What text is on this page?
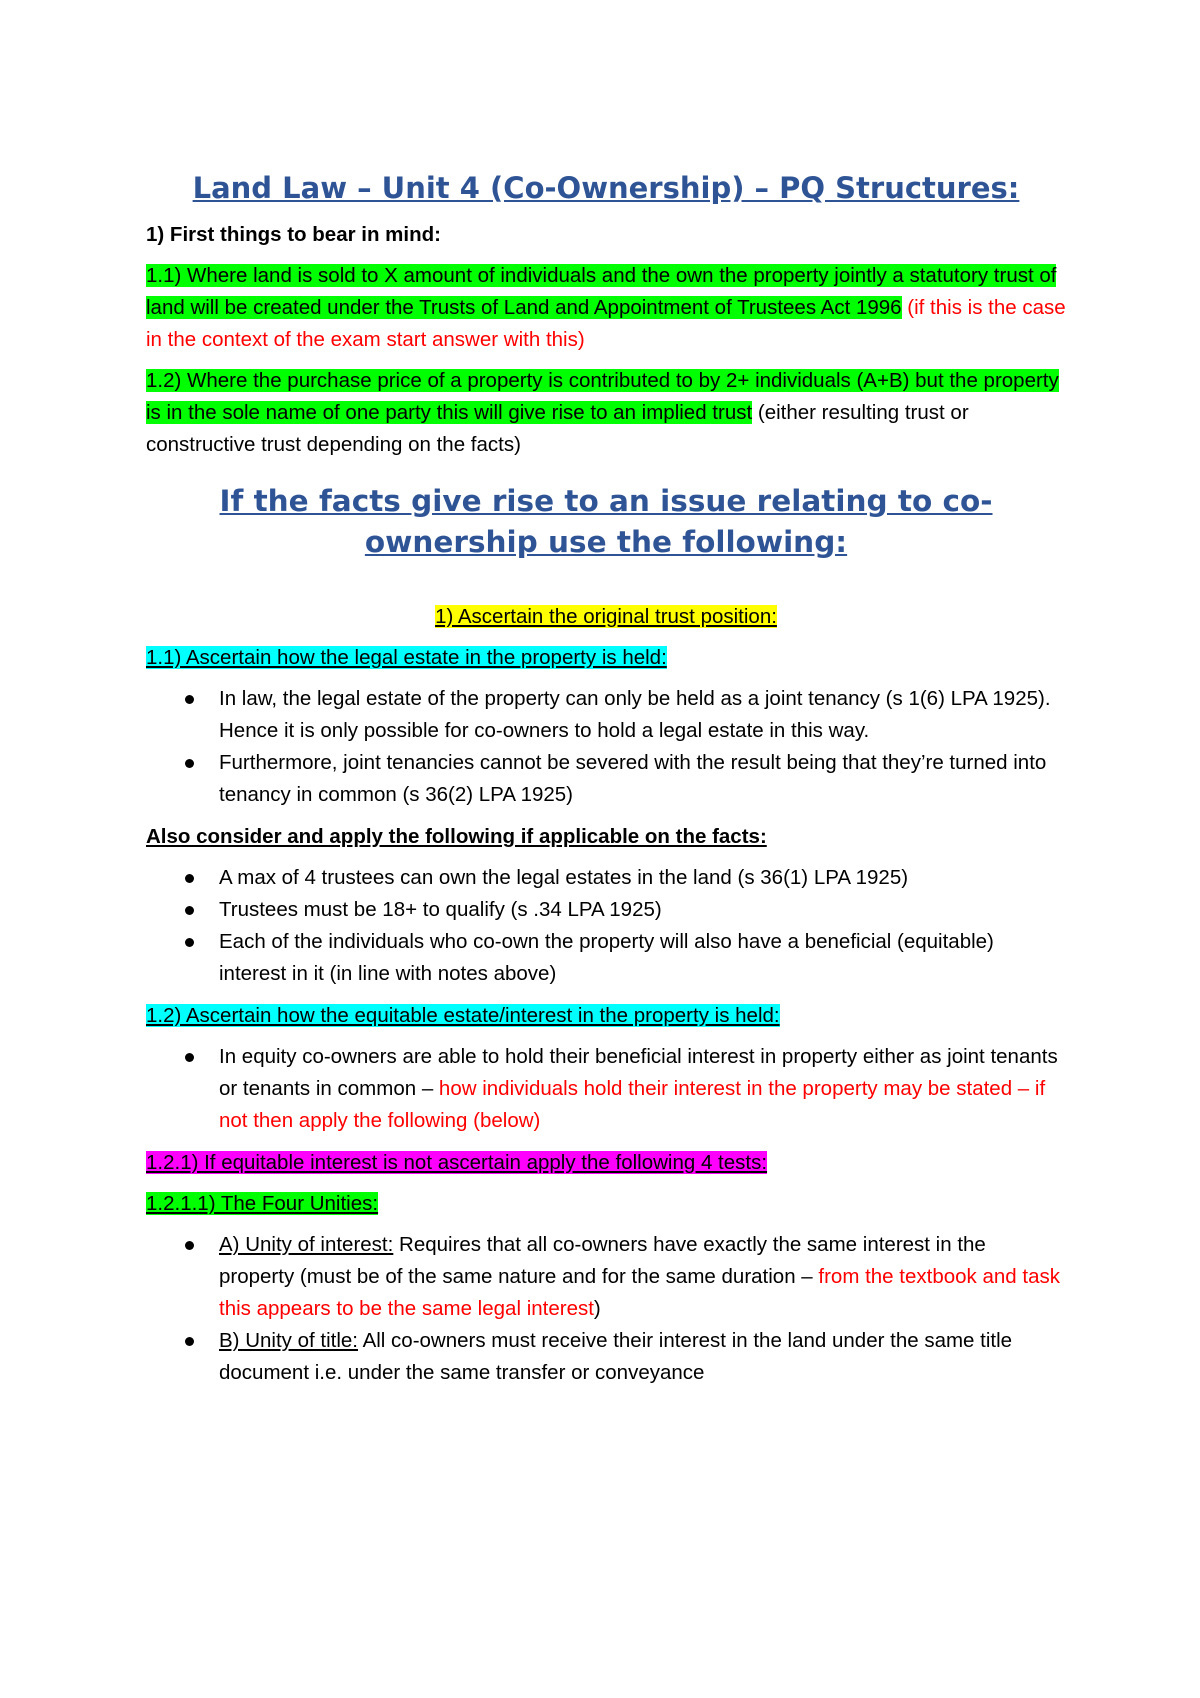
Land Law – Unit 4 (Co-Ownership) – PQ Structures:

1) First things to bear in mind:

1.1) Where land is sold to X amount of individuals and the own the property jointly a statutory trust of land will be created under the Trusts of Land and Appointment of Trustees Act 1996 (if this is the case in the context of the exam start answer with this)

1.2) Where the purchase price of a property is contributed to by 2+ individuals (A+B) but the property is in the sole name of one party this will give rise to an implied trust (either resulting trust or constructive trust depending on the facts)

If the facts give rise to an issue relating to co-ownership use the following:

1) Ascertain the original trust position:

1.1) Ascertain how the legal estate in the property is held:

In law, the legal estate of the property can only be held as a joint tenancy (s 1(6) LPA 1925). Hence it is only possible for co-owners to hold a legal estate in this way.
Furthermore, joint tenancies cannot be severed with the result being that they’re turned into tenancy in common (s 36(2) LPA 1925)

Also consider and apply the following if applicable on the facts:

A max of 4 trustees can own the legal estates in the land (s 36(1) LPA 1925)
Trustees must be 18+ to qualify (s .34 LPA 1925)
Each of the individuals who co-own the property will also have a beneficial (equitable) interest in it (in line with notes above)

1.2) Ascertain how the equitable estate/interest in the property is held:

In equity co-owners are able to hold their beneficial interest in property either as joint tenants or tenants in common – how individuals hold their interest in the property may be stated – if not then apply the following (below)

1.2.1) If equitable interest is not ascertain apply the following 4 tests:

1.2.1.1) The Four Unities:

A) Unity of interest: Requires that all co-owners have exactly the same interest in the property (must be of the same nature and for the same duration – from the textbook and task this appears to be the same legal interest)
B) Unity of title: All co-owners must receive their interest in the land under the same title document i.e. under the same transfer or conveyance
